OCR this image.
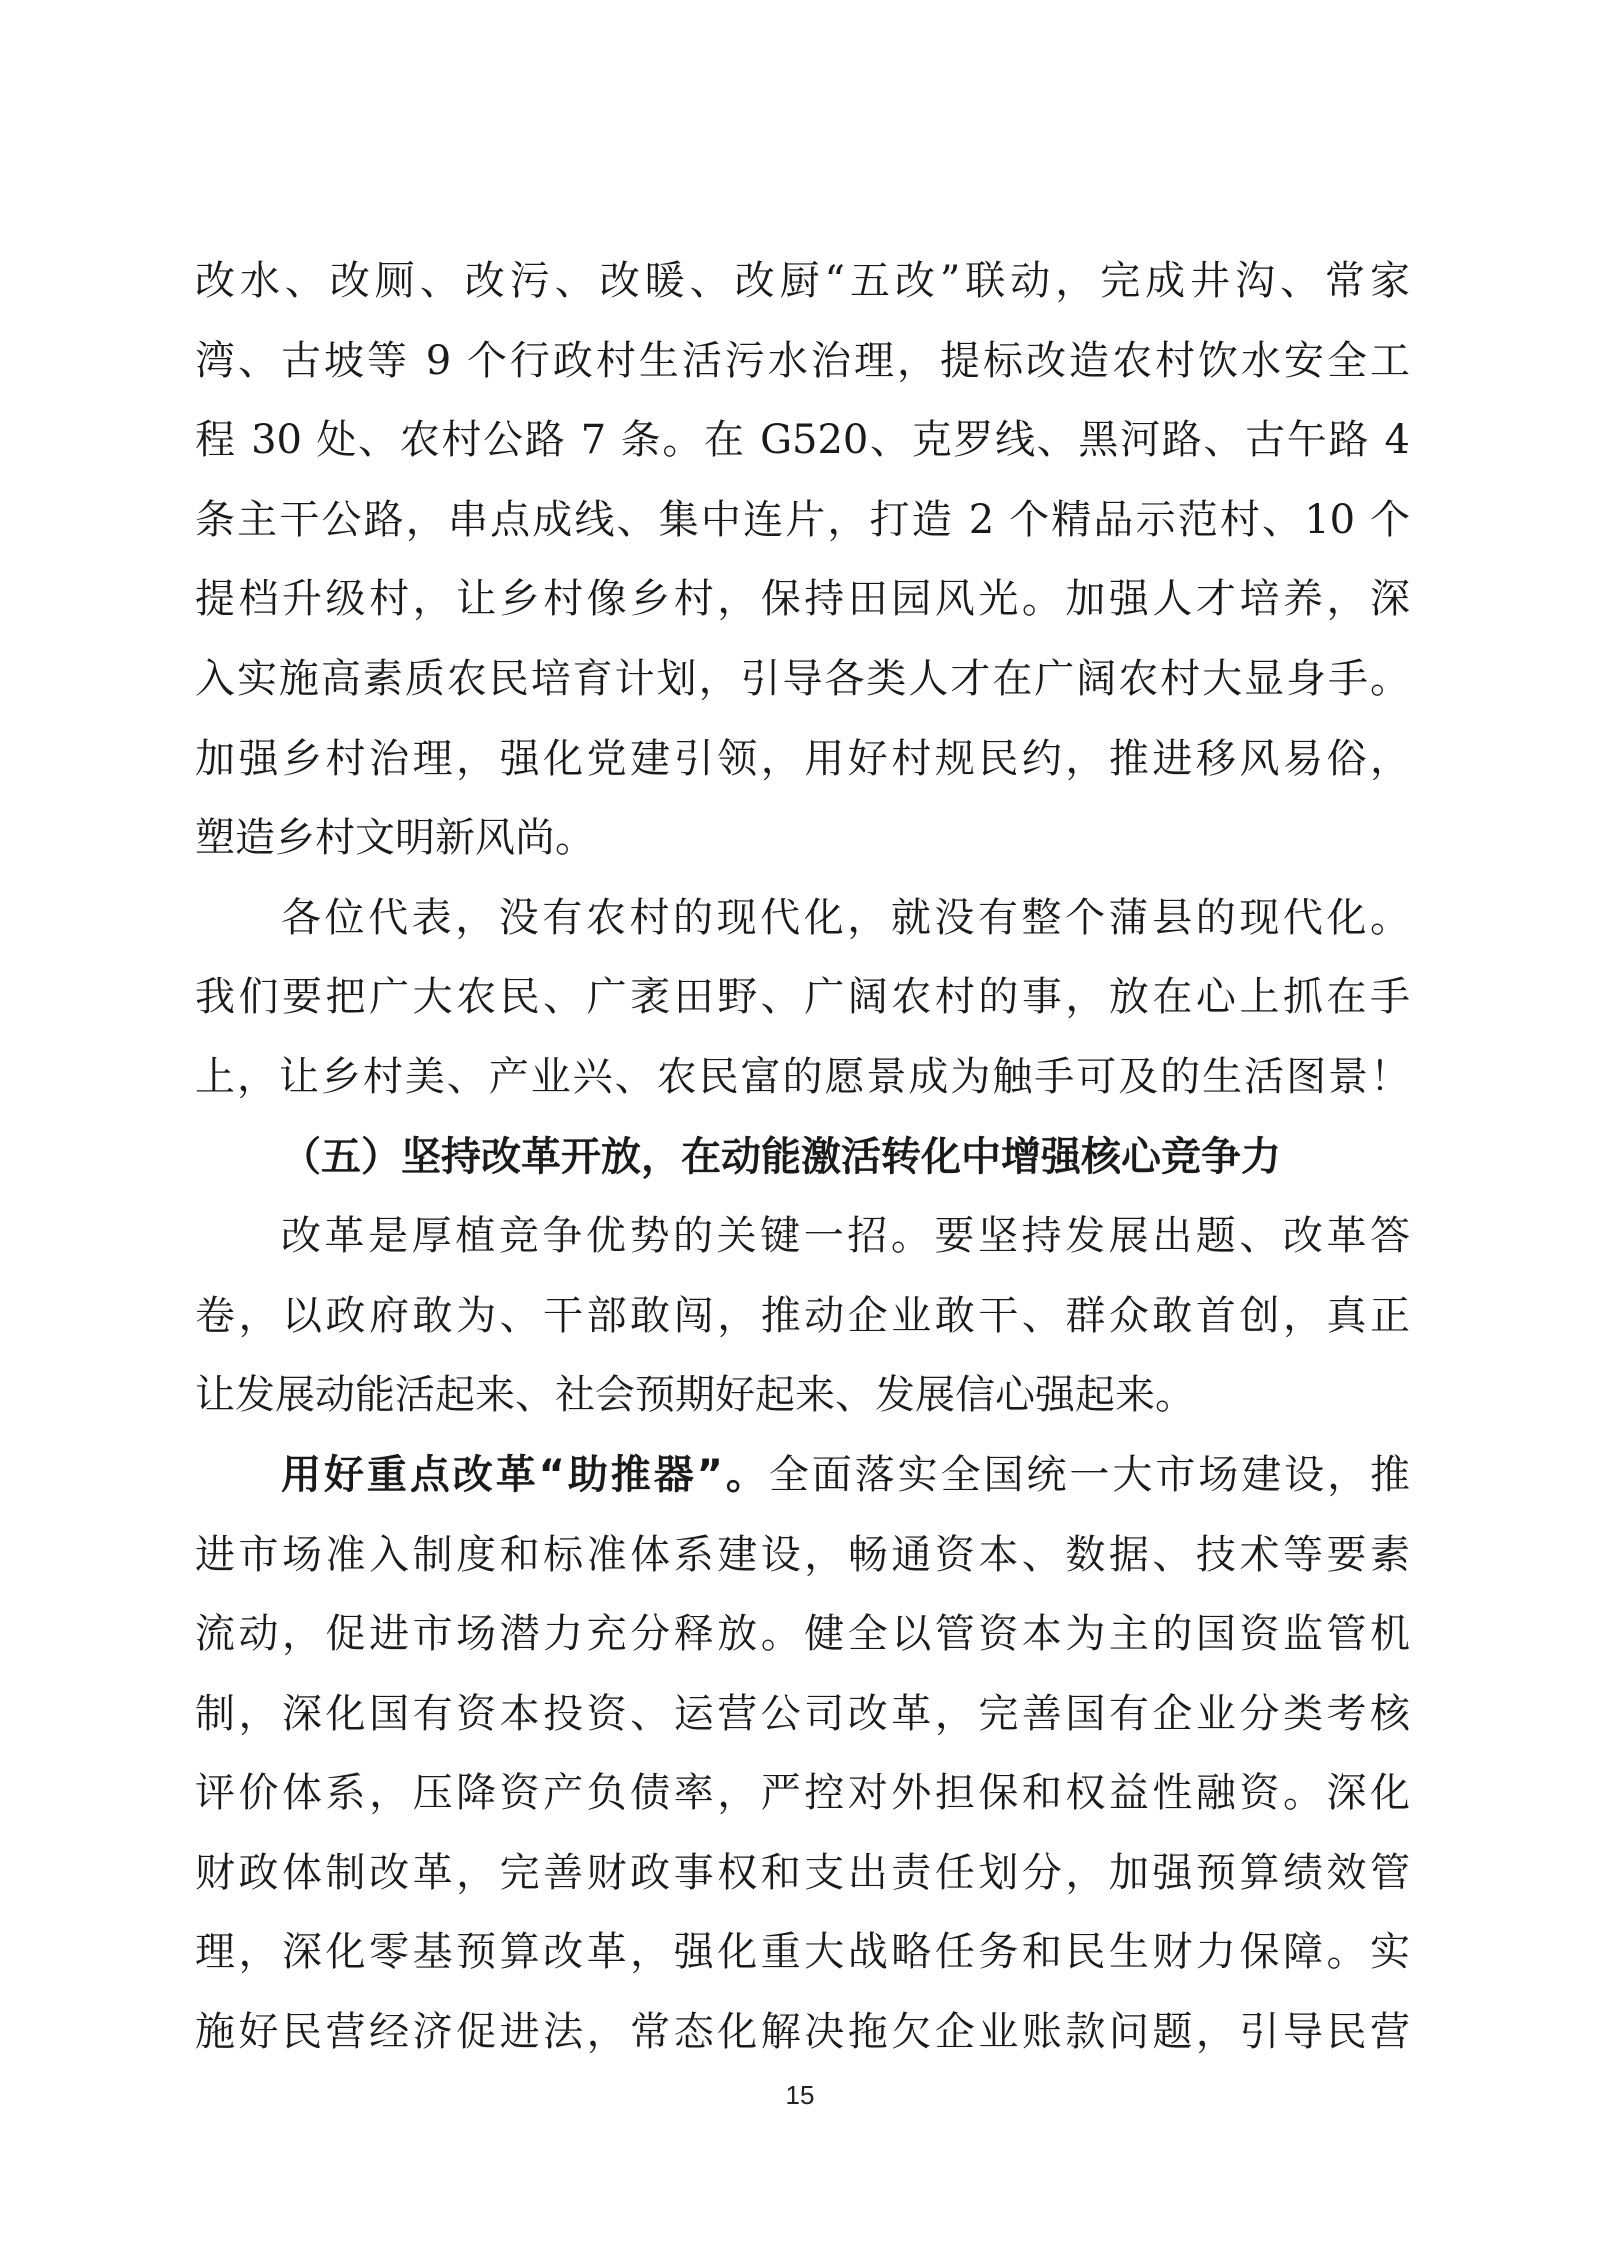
改水、改厕、改污、改暖、改厨“五改”联动，完成井沟、常家
湾、古坡等 9 个行政村生活污水治理，提标改造农村饮水安全工
程 30 处、农村公路 7 条。在 G520、克罗线、黑河路、古午路 4
条主干公路，串点成线、集中连片，打造 2 个精品示范村、10 个
提档升级村，让乡村像乡村，保持田园风光。加强人才培养，深
入实施高素质农民培育计划，引导各类人才在广阔农村大显身手。
加强乡村治理，强化党建引领，用好村规民约，推进移风易俗，
塑造乡村文明新风尚。
各位代表，没有农村的现代化，就没有整个蒲县的现代化。
我们要把广大农民、广袤田野、广阔农村的事，放在心上抓在手
上，让乡村美、产业兴、农民富的愿景成为触手可及的生活图景！
（五）坚持改革开放，在动能激活转化中增强核心竞争力
改革是厚植竞争优势的关键一招。要坚持发展出题、改革答
卷，以政府敢为、干部敢闯，推动企业敢干、群众敢首创，真正
让发展动能活起来、社会预期好起来、发展信心强起来。
用好重点改革“助推器”。全面落实全国统一大市场建设，推
进市场准入制度和标准体系建设，畅通资本、数据、技术等要素
流动，促进市场潜力充分释放。健全以管资本为主的国资监管机
制，深化国有资本投资、运营公司改革，完善国有企业分类考核
评价体系，压降资产负债率，严控对外担保和权益性融资。深化
财政体制改革，完善财政事权和支出责任划分，加强预算绩效管
理，深化零基预算改革，强化重大战略任务和民生财力保障。实
施好民营经济促进法，常态化解决拖欠企业账款问题，引导民营
15
